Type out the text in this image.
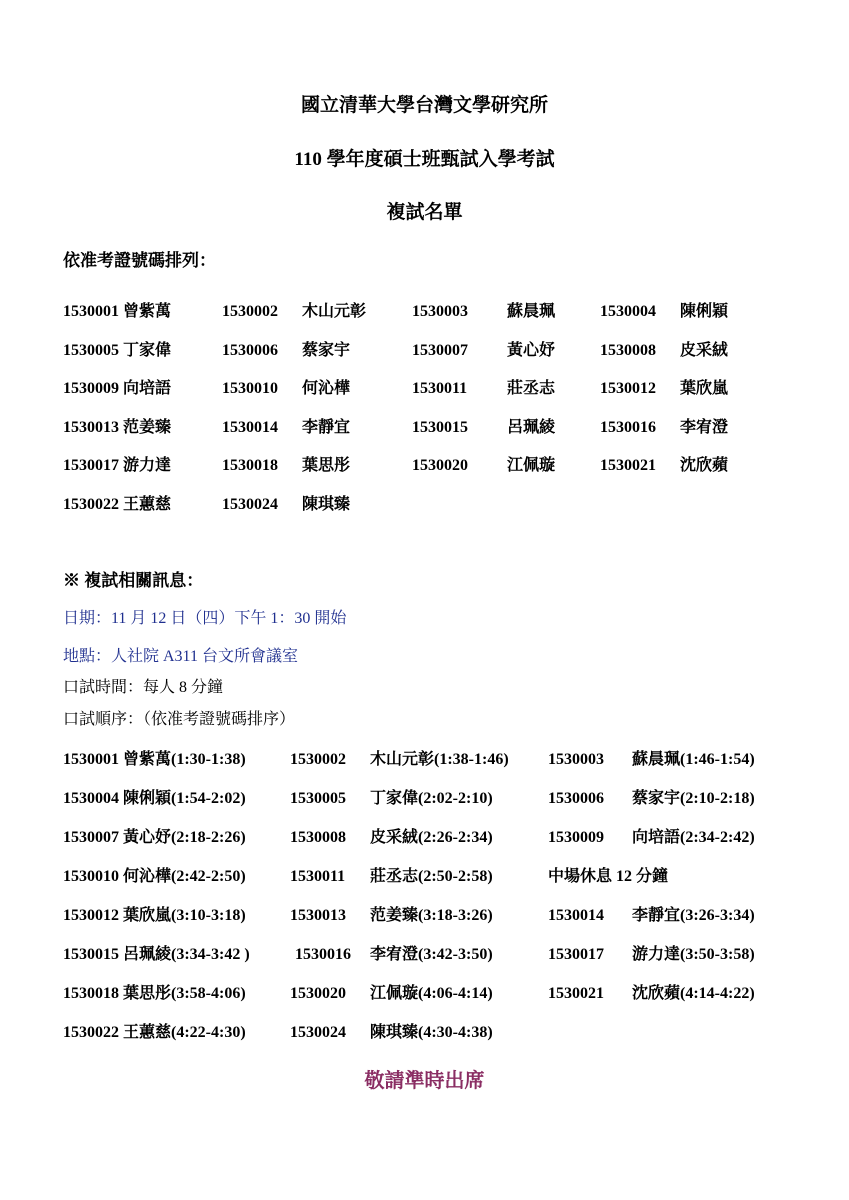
國立清華大學台灣文學研究所
110 學年度碩士班甄試入學考試
複試名單
依准考證號碼排列：
1530001 曾紫萬	1530002 木山元彰	1530003 蘇晨珮	1530004 陳俐穎
1530005 丁家偉	1530006 蔡家宇	1530007 黃心妤	1530008 皮采絨
1530009 向培語	1530010 何沁樺	1530011 莊丞志	1530012 葉欣嵐
1530013 范姜臻	1530014 李靜宜	1530015 呂珮綾	1530016 李宥澄
1530017 游力達	1530018 葉思彤	1530020 江佩璇	1530021 沈欣蘋
1530022 王蕙慈	1530024 陳琪臻
※ 複試相關訊息：
日期：11 月 12 日（四）下午 1：30 開始
地點：人社院 A311 台文所會議室
口試時間：每人 8 分鐘
口試順序：（依准考證號碼排序）
1530001 曾紫萬(1:30-1:38)	1530002 木山元彰(1:38-1:46) 1530003 蘇晨珮(1:46-1:54)
1530004 陳俐穎(1:54-2:02)	1530005 丁家偉(2:02-2:10)	1530006 蔡家宇(2:10-2:18)
1530007 黃心妤(2:18-2:26)	1530008 皮采絨(2:26-2:34)	1530009 向培語(2:34-2:42)
1530010 何沁樺(2:42-2:50)	1530011 莊丞志(2:50-2:58)	中場休息 12 分鐘
1530012 葉欣嵐(3:10-3:18)	1530013 范姜臻(3:18-3:26)	1530014 李靜宜(3:26-3:34)
1530015 呂珮綾(3:34-3:42 )	1530016 李宥澄(3:42-3:50)	1530017 游力達(3:50-3:58)
1530018 葉思彤(3:58-4:06)	1530020 江佩璇(4:06-4:14)	1530021 沈欣蘋(4:14-4:22)
1530022 王蕙慈(4:22-4:30)	1530024 陳琪臻(4:30-4:38)
敬請準時出席
